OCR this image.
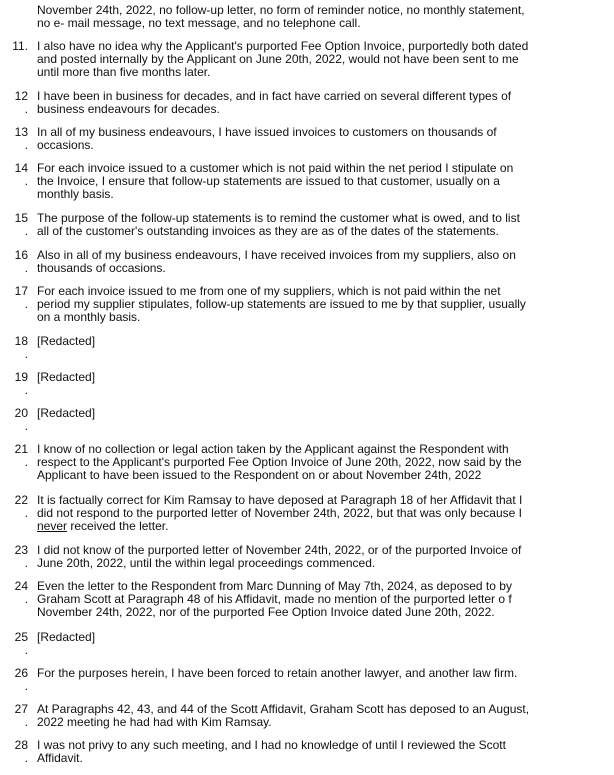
November 24th, 2022, no follow-up letter, no form of reminder notice, no monthly statement,
no e- mail message, no text message, and no telephone call.
11. I also have no idea why the Applicant's purported Fee Option Invoice, purportedly both dated
and posted internally by the Applicant on June 20th, 2022, would not have been sent to me
until more than five months later.
12
.
I have been in business for decades, and in fact have carried on several different types of
business endeavours for decades.
13
.
In all of my business endeavours, I have issued invoices to customers on thousands of
occasions.
14
.
For each invoice issued to a customer which is not paid within the net period I stipulate on
the Invoice, I ensure that follow-up statements are issued to that customer, usually on a
monthly basis.
15
.
The purpose of the follow-up statements is to remind the customer what is owed, and to list
all of the customer's outstanding invoices as they are as of the dates of the statements.
16
.
Also in all of my business endeavours, I have received invoices from my suppliers, also on
thousands of occasions.
17
.
For each invoice issued to me from one of my suppliers, which is not paid within the net
period my supplier stipulates, follow-up statements are issued to me by that supplier, usually
on a monthly basis.
18
.
[Redacted]
19
.
[Redacted]
20
.
[Redacted]
21
.
I know of no collection or legal action taken by the Applicant against the Respondent with
respect to the Applicant's purported Fee Option Invoice of June 20th, 2022, now said by the
Applicant to have been issued to the Respondent on or about November 24th, 2022
22
.
It is factually correct for Kim Ramsay to have deposed at Paragraph 18 of her Affidavit that I
did not respond to the purported letter of November 24th, 2022, but that was only because I
never received the letter.
23
.
I did not know of the purported letter of November 24th, 2022, or of the purported Invoice of
June 20th, 2022, until the within legal proceedings commenced.
24
.
Even the letter to the Respondent from Marc Dunning of May 7th, 2024, as deposed to by
Graham Scott at Paragraph 48 of his Affidavit, made no mention of the purported letter o f
November 24th, 2022, nor of the purported Fee Option Invoice dated June 20th, 2022.
25
.
[Redacted]
26
.
For the purposes herein, I have been forced to retain another lawyer, and another law firm.
27
.
At Paragraphs 42, 43, and 44 of the Scott Affidavit, Graham Scott has deposed to an August,
2022 meeting he had had with Kim Ramsay.
28
.
I was not privy to any such meeting, and I had no knowledge of until I reviewed the Scott
Affidavit.
